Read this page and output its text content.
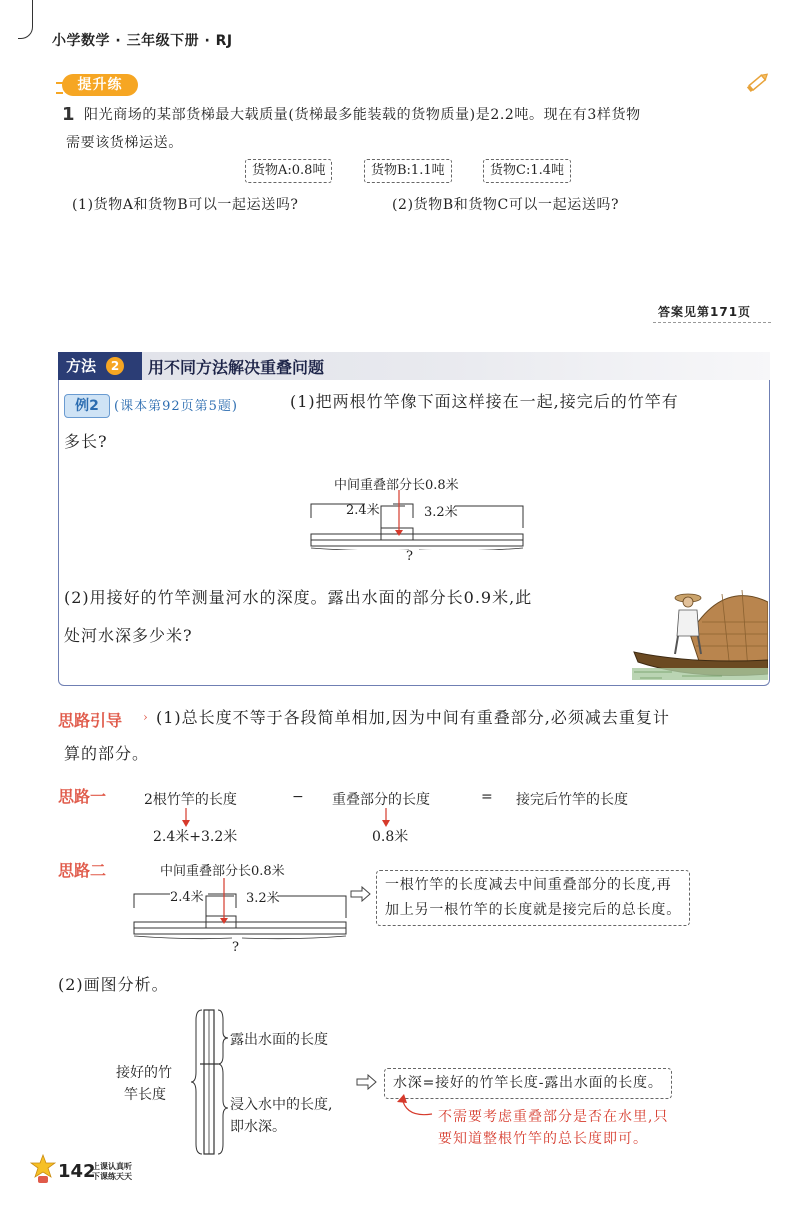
小学数学 · 三年级下册 · RJ
提升练
1 阳光商场的某部货梯最大载质量(货梯最多能装载的货物质量)是2.2吨。现在有3样货物
需要该货梯运送。
货物A:0.8吨	货物B:1.1吨	货物C:1.4吨
(1)货物A和货物B可以一起运送吗?	(2)货物B和货物C可以一起运送吗?
答案见第171页
方法	2	用不同方法解决重叠问题
例2	(课本第92页第5题)	(1)把两根竹竿像下面这样接在一起,接完后的竹竿有
多长?
中间重叠部分长0.8米
2.4米	3.2米
?
(2)用接好的竹竿测量河水的深度。露出水面的部分长0.9米,此
处河水深多少米?
思路引导 › (1)总长度不等于各段简单相加,因为中间有重叠部分,必须减去重复计
算的部分。
思路一	2根竹竿的长度	− 重叠部分的长度	= 接完后竹竿的长度
2.4米+3.2米	0.8米
思路二	中间重叠部分长0.8米
2.4米	3.2米
?
一根竹竿的长度减去中间重叠部分的长度,再
加上另一根竹竿的长度就是接完后的总长度。
(2)画图分析。
接好的竹
竿长度
露出水面的长度
浸入水中的长度,
即水深。
水深=接好的竹竿长度-露出水面的长度。
不需要考虑重叠部分是否在水里,只
要知道整根竹竿的总长度即可。
142
上课认真听
下课练天天
